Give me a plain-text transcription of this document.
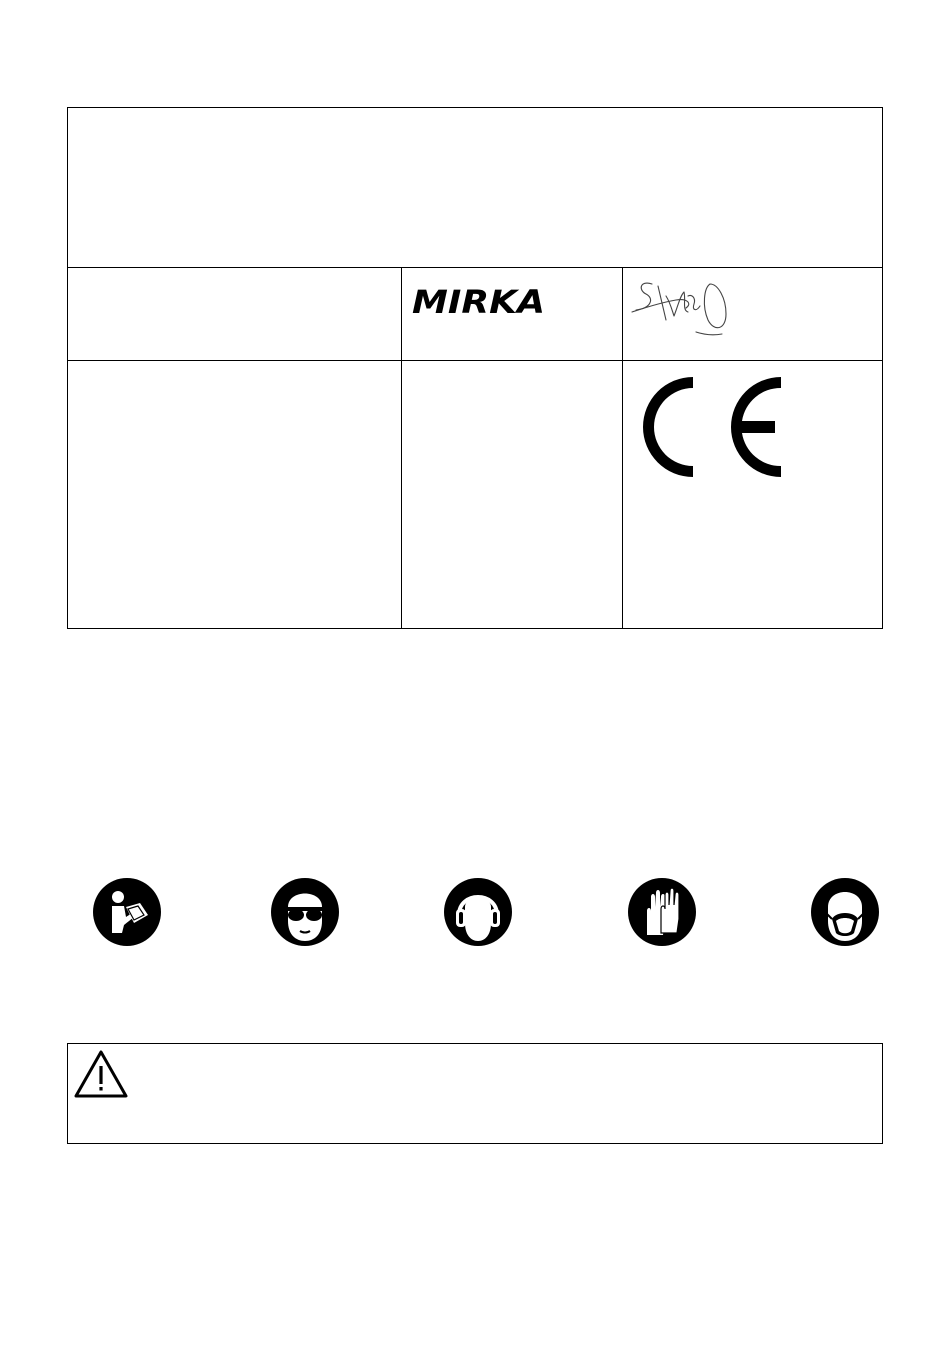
MIRKA
